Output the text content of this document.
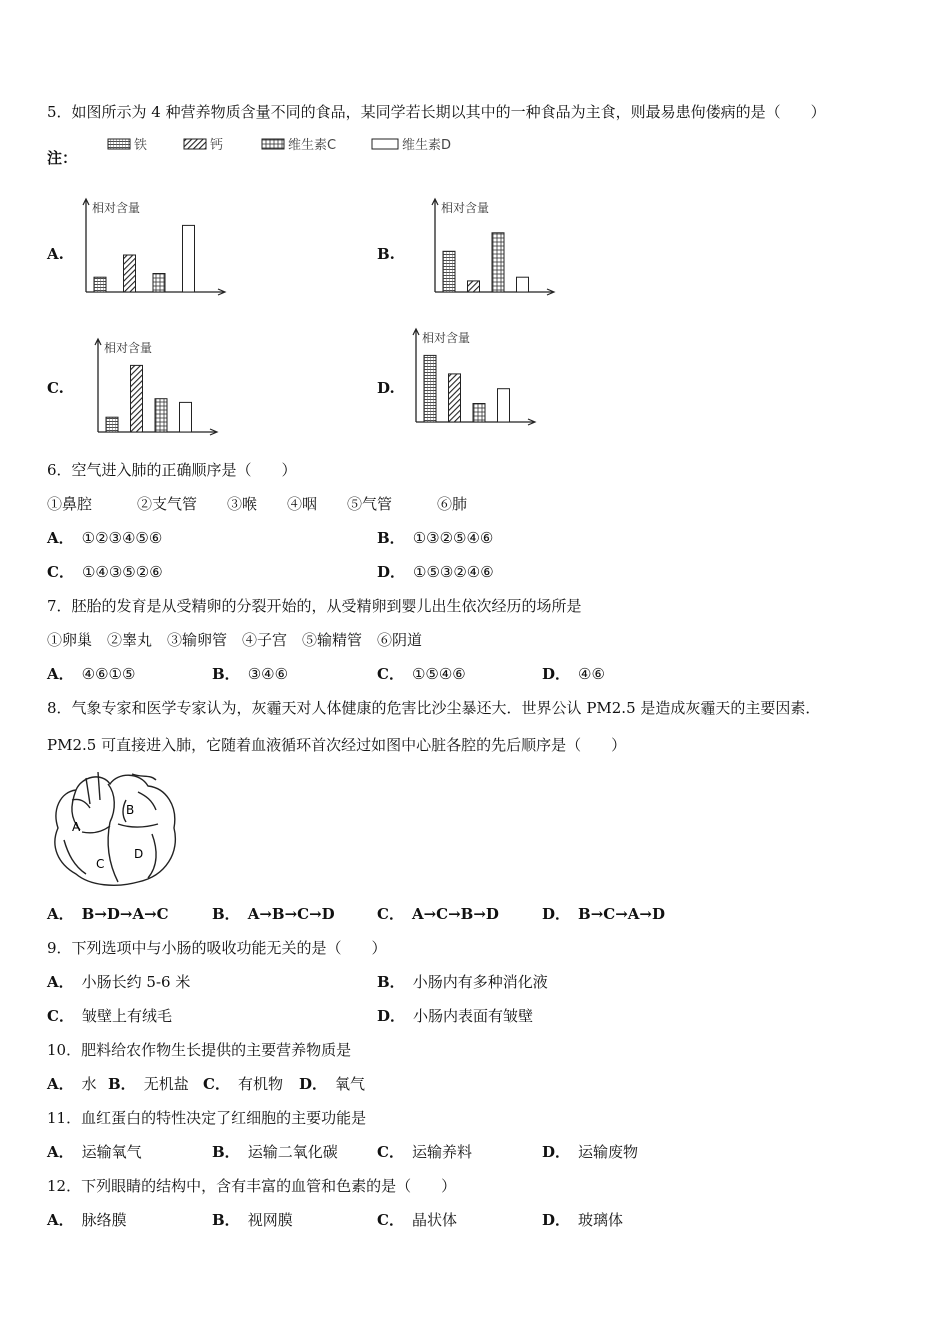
5．如图所示为 4 种营养物质含量不同的食品，某同学若长期以其中的一种食品为主食，则最易患佝偻病的是（　　）
注：
铁	钙	维生素C	维生素D
A.	B.
C.	D.
相对含量	相对含量
相对含量
相对含量
6．空气进入肺的正确顺序是（　　）
①鼻腔　　　②支气管　　③喉　　④咽　　⑤气管　　　⑥肺
A． ①②③④⑤⑥	B． ①③②⑤④⑥
C． ①④③⑤②⑥	D． ①⑤③②④⑥
7．胚胎的发育是从受精卵的分裂开始的，从受精卵到婴儿出生依次经历的场所是
①卵巢　②睾丸　③输卵管　④子宫　⑤输精管　⑥阴道
A． ④⑥①⑤	B． ③④⑥	C． ①⑤④⑥	D． ④⑥
8．气象专家和医学专家认为，灰霾天对人体健康的危害比沙尘暴还大．世界公认 PM2.5 是造成灰霾天的主要因素．
PM2.5 可直接进入肺，它随着血液循环首次经过如图中心脏各腔的先后顺序是（　　）
A
B
C
D
A． B→D→A→C	B． A→B→C→D	C． A→C→B→D	D． B→C→A→D
9．下列选项中与小肠的吸收功能无关的是（　　）
A． 小肠长约 5-6 米	B． 小肠内有多种消化液
C． 皱壁上有绒毛	D． 小肠内表面有皱壁
10．肥料给农作物生长提供的主要营养物质是
A． 水 B． 无机盐 C． 有机物 D． 氧气
11．血红蛋白的特性决定了红细胞的主要功能是
A． 运输氧气	B． 运输二氧化碳	C． 运输养料	D． 运输废物
12．下列眼睛的结构中，含有丰富的血管和色素的是（　　）
A． 脉络膜	B． 视网膜	C． 晶状体	D． 玻璃体
